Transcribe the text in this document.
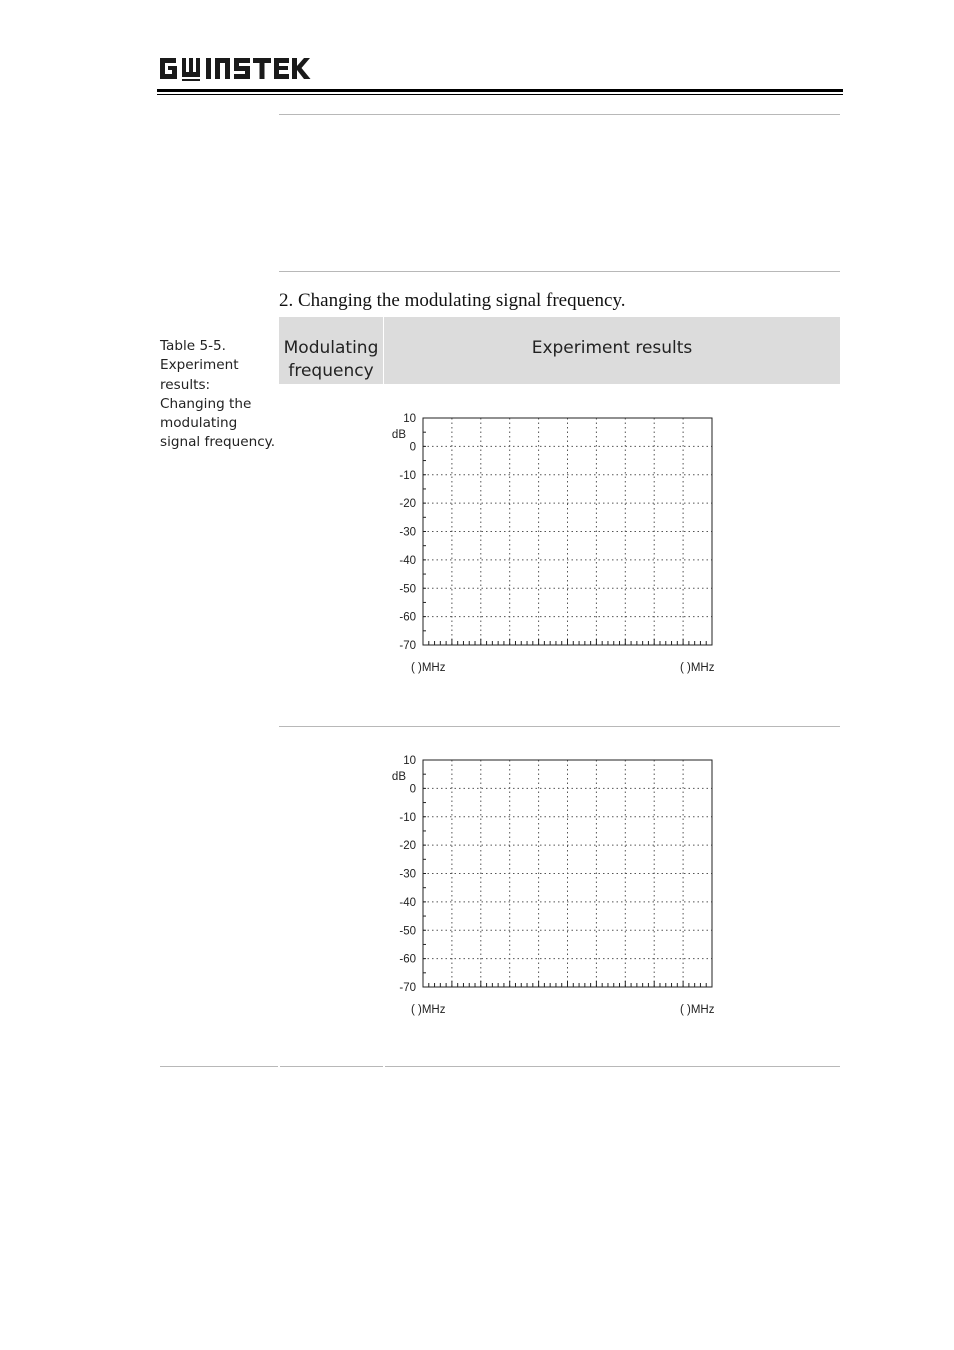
2. Changing the modulating signal frequency.
Table 5-5.
Experiment
results:
Changing the
modulating
signal frequency.
Modulating
frequency
Experiment results
10
0
-10
-20
-30
-40
-50
-60
-70
dB
( )MHz	( )MHz
10
0
-10
-20
-30
-40
-50
-60
-70
dB
( )MHz	( )MHz
